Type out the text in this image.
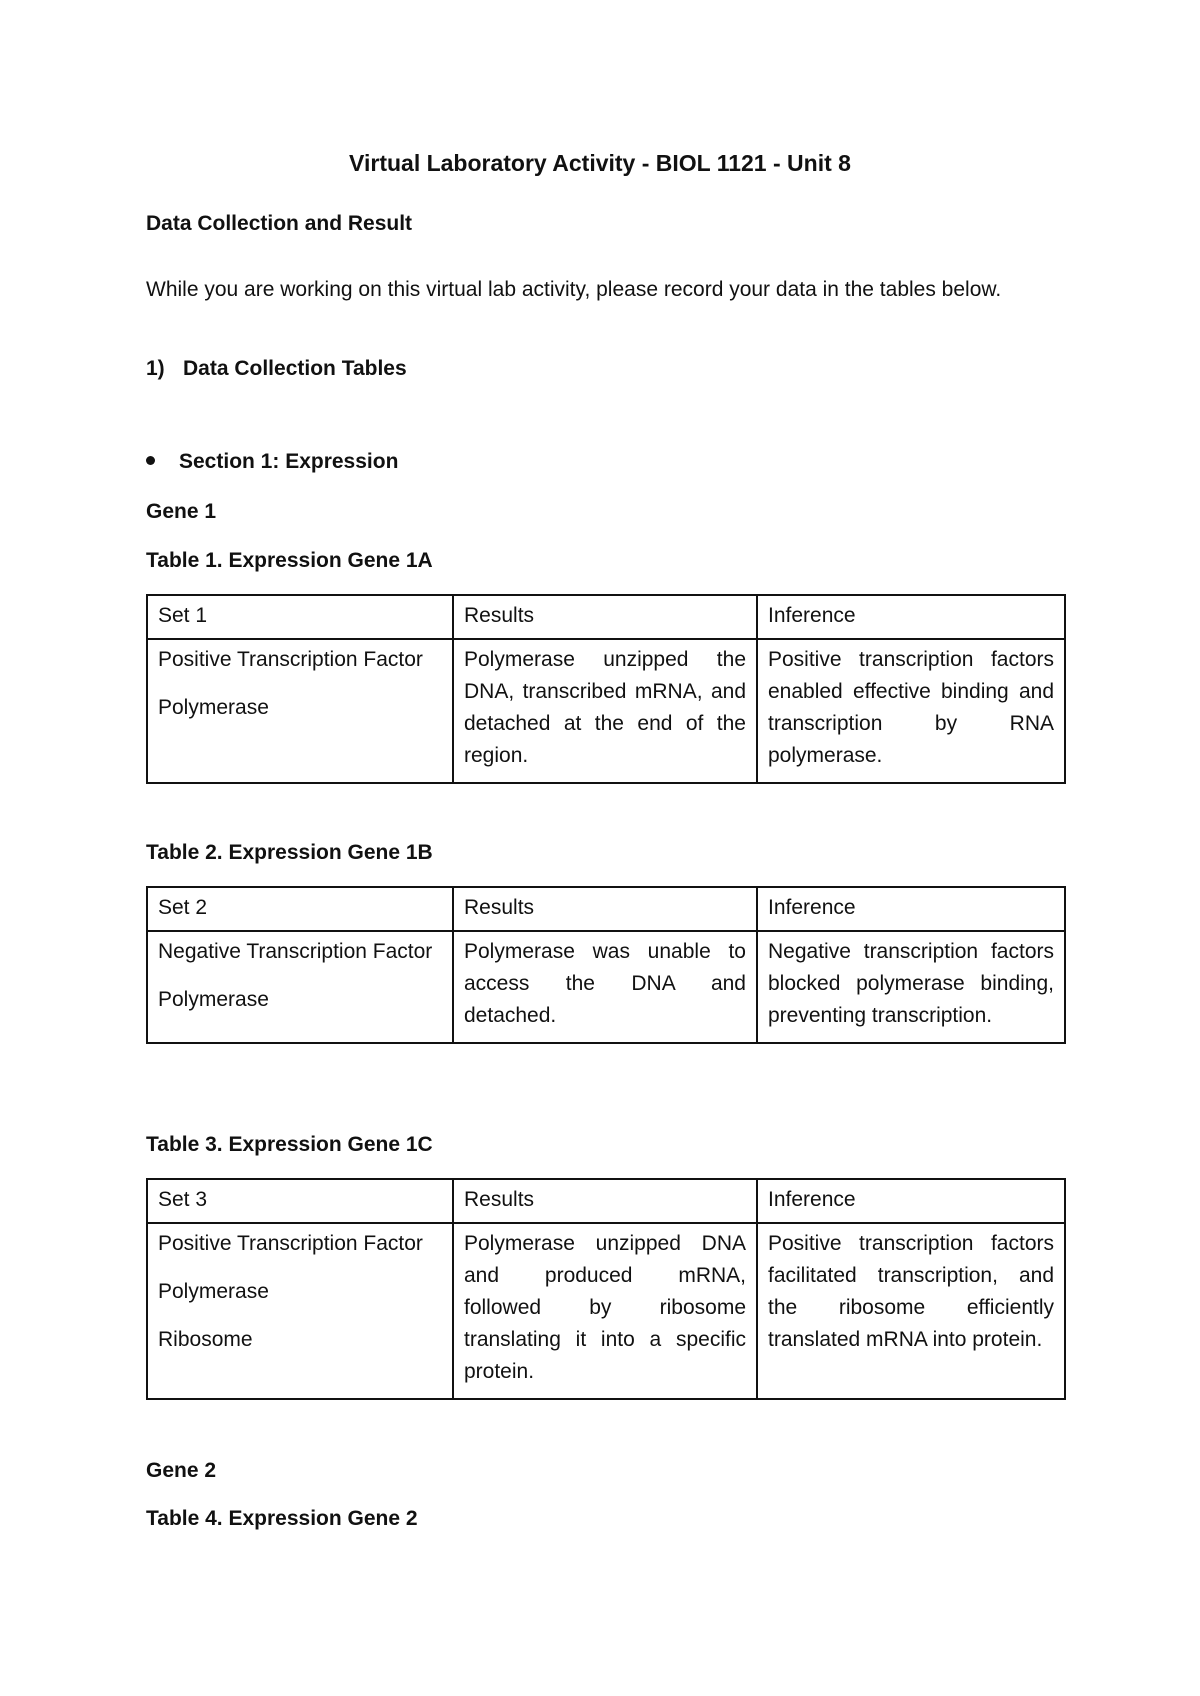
Virtual Laboratory Activity - BIOL 1121 - Unit 8
Data Collection and Result

While you are working on this virtual lab activity, please record your data in the tables below.

1) Data Collection Tables
Section 1: Expression
Gene 1
Table 1. Expression Gene 1A
Set 1	Results	Inference

Positive Transcription Factor

Polymerase	Polymerase unzipped the DNA, transcribed mRNA, and detached at the end of the region.	Positive transcription factors enabled effective binding and transcription by RNA polymerase.
Table 2. Expression Gene 1B
Set 2	Results	Inference

Negative Transcription Factor

Polymerase	Polymerase was unable to access the DNA and detached.	Negative transcription factors blocked polymerase binding, preventing transcription.
Table 3. Expression Gene 1C
Set 3	Results	Inference

Positive Transcription Factor

Polymerase

Ribosome	Polymerase unzipped DNA and produced mRNA, followed by ribosome translating it into a specific protein.	Positive transcription factors facilitated transcription, and the ribosome efficiently translated mRNA into protein.
Gene 2
Table 4. Expression Gene 2
